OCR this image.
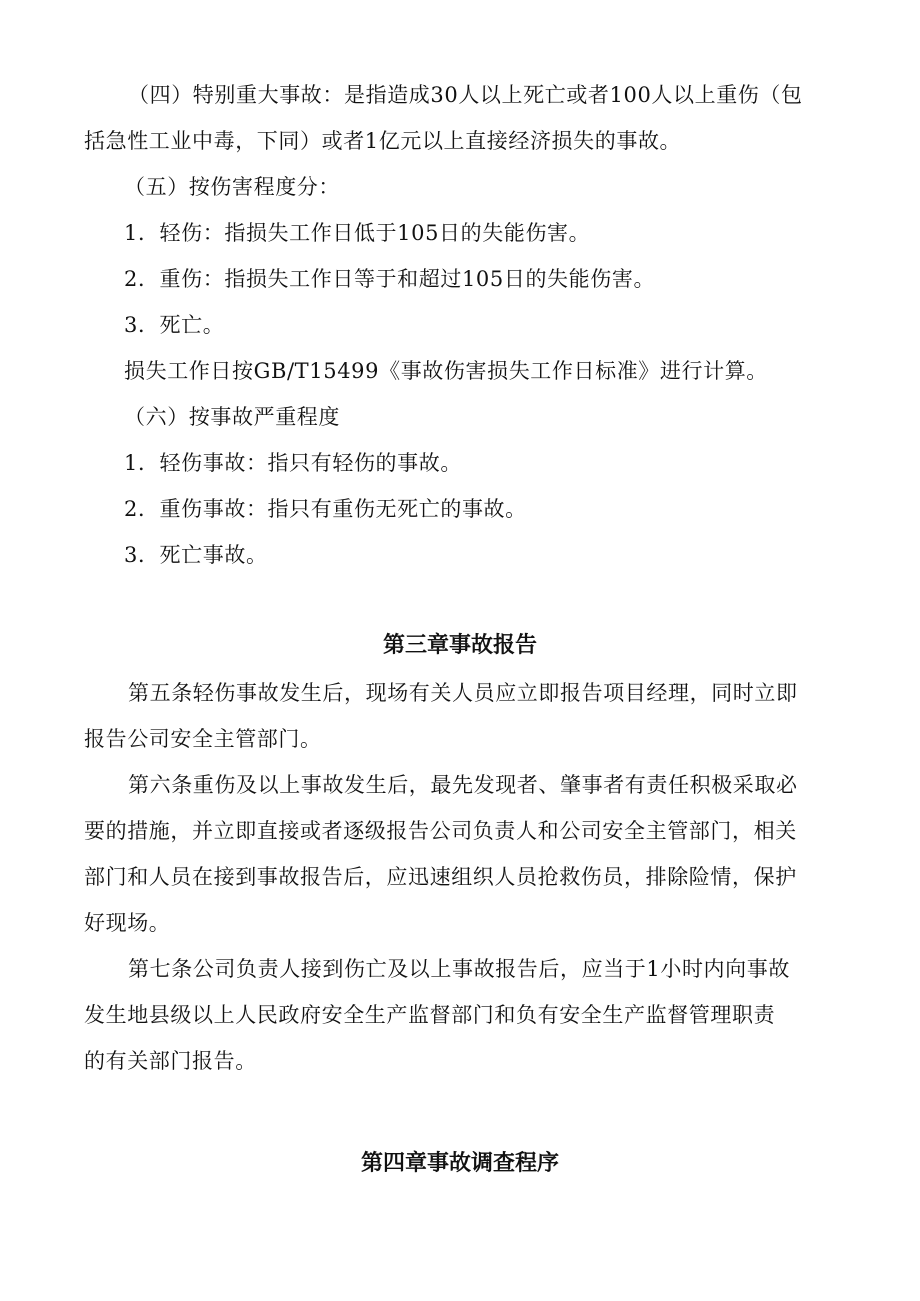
（四）特别重大事故：是指造成30人以上死亡或者100人以上重伤（包
括急性工业中毒，下同）或者1亿元以上直接经济损失的事故。
（五）按伤害程度分：
1．轻伤：指损失工作日低于105日的失能伤害。
2．重伤：指损失工作日等于和超过105日的失能伤害。
3．死亡。
损失工作日按GB/T15499《事故伤害损失工作日标准》进行计算。
（六）按事故严重程度
1．轻伤事故：指只有轻伤的事故。
2．重伤事故：指只有重伤无死亡的事故。
3．死亡事故。
第三章事故报告
第五条轻伤事故发生后，现场有关人员应立即报告项目经理，同时立即
报告公司安全主管部门。
第六条重伤及以上事故发生后，最先发现者、肇事者有责任积极采取必
要的措施，并立即直接或者逐级报告公司负责人和公司安全主管部门，相关
部门和人员在接到事故报告后，应迅速组织人员抢救伤员，排除险情，保护
好现场。
第七条公司负责人接到伤亡及以上事故报告后，应当于1小时内向事故
发生地县级以上人民政府安全生产监督部门和负有安全生产监督管理职责
的有关部门报告。
第四章事故调查程序
